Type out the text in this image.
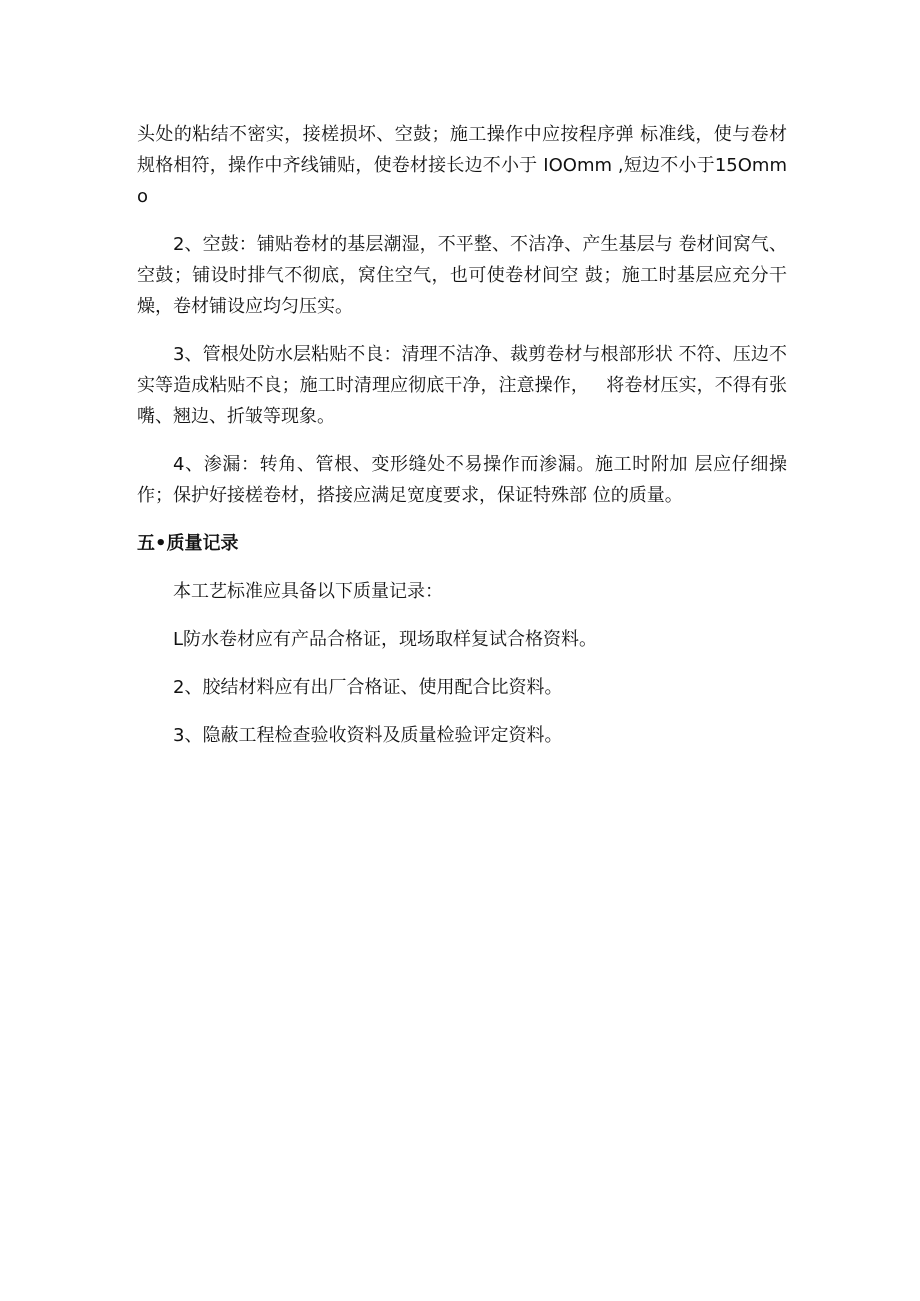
头处的粘结不密实，接槎损坏、空鼓；施工操作中应按程序弹 标准线，使与卷材规格相符，操作中齐线铺贴，使卷材接长边不小于 IOOmm ,短边不小于15Ommo

2、空鼓：铺贴卷材的基层潮湿，不平整、不洁净、产生基层与 卷材间窝气、空鼓；铺设时排气不彻底，窝住空气，也可使卷材间空 鼓；施工时基层应充分干燥，卷材铺设应均匀压实。

3、管根处防水层粘贴不良：清理不洁净、裁剪卷材与根部形状 不符、压边不实等造成粘贴不良；施工时清理应彻底干净，注意操作，   将卷材压实，不得有张嘴、翘边、折皱等现象。

4、渗漏：转角、管根、变形缝处不易操作而渗漏。施工时附加 层应仔细操作；保护好接槎卷材，搭接应满足宽度要求，保证特殊部 位的质量。

五•质量记录

本工艺标准应具备以下质量记录：

L防水卷材应有产品合格证，现场取样复试合格资料。

2、胶结材料应有出厂合格证、使用配合比资料。

3、隐蔽工程检查验收资料及质量检验评定资料。
